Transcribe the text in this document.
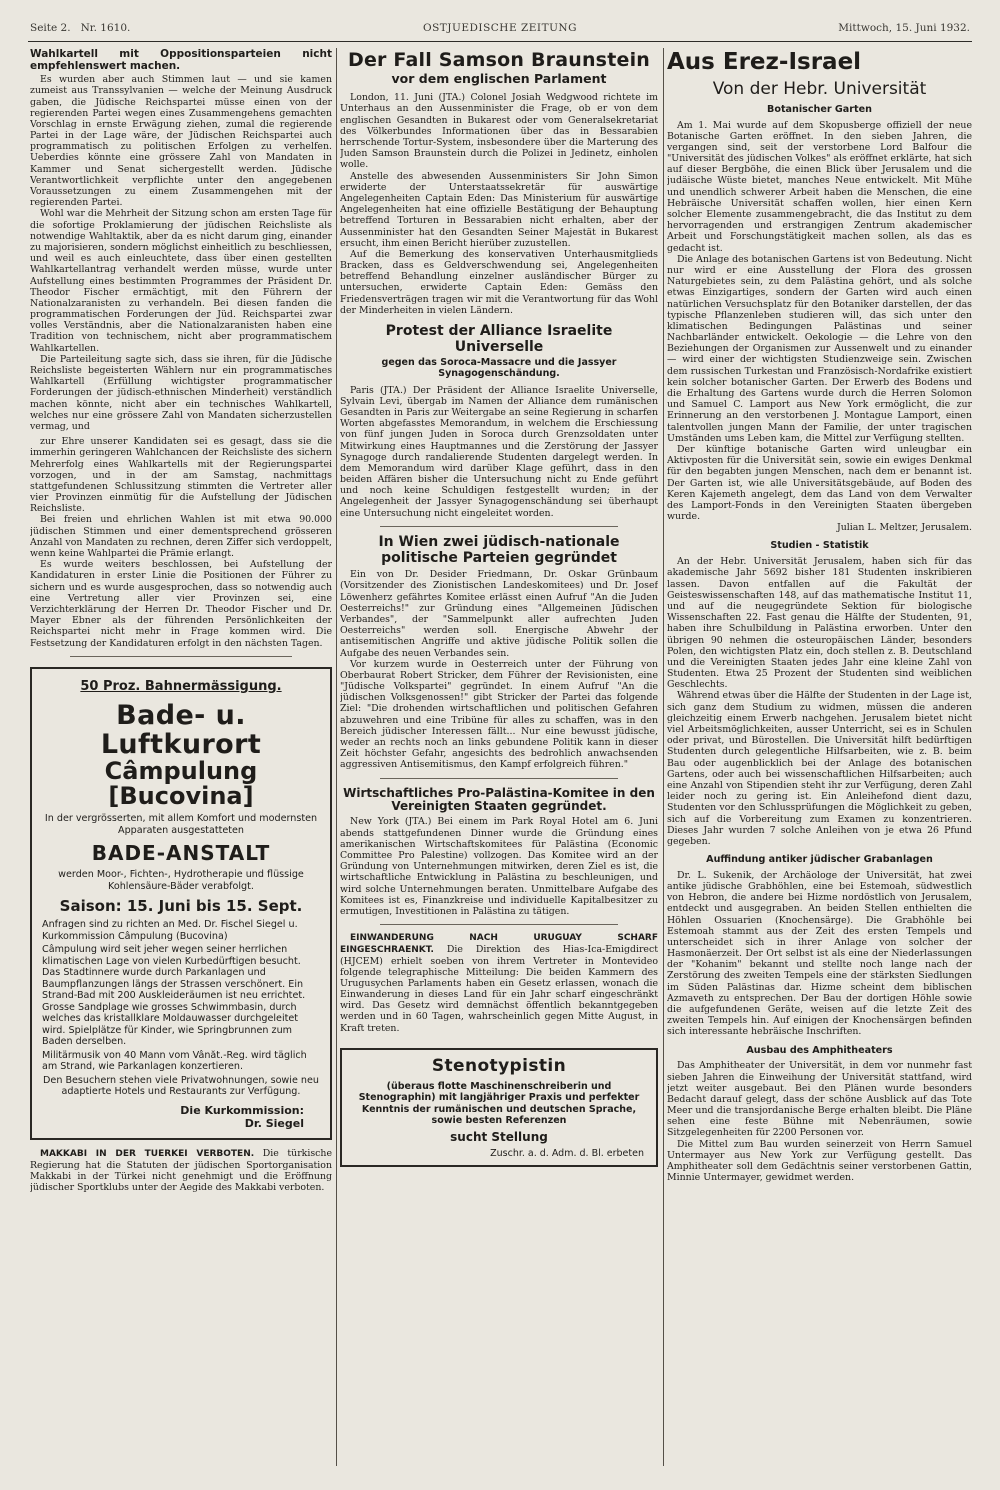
Seite 2. Nr. 1610.	OSTJUEDISCHE ZEITUNG	Mittwoch, 15. Juni 1932.
Wahlkartell mit Oppositionsparteien nicht empfehlenswert machen.

Es wurden aber auch Stimmen laut — und sie kamen zumeist aus Transsylvanien — welche der Meinung Ausdruck gaben, die Jüdische Reichspartei müsse einen von der regierenden Partei wegen eines Zusammengehens gemachten Vorschlag in ernste Erwägung ziehen, zumal die regierende Partei in der Lage wäre, der Jüdischen Reichspartei auch programmatisch zu politischen Erfolgen zu verhelfen. Ueberdies könnte eine grössere Zahl von Mandaten in Kammer und Senat sichergestellt werden. Jüdische Verantwortlichkeit verpflichte unter den angegebenen Voraussetzungen zu einem Zusammengehen mit der regierenden Partei.

Wohl war die Mehrheit der Sitzung schon am ersten Tage für die sofortige Proklamierung der jüdischen Reichsliste als notwendige Wahltaktik, aber da es nicht darum ging, einander zu majorisieren, sondern möglichst einheitlich zu beschliessen, und weil es auch einleuchtete, dass über einen gestellten Wahlkartellantrag verhandelt werden müsse, wurde unter Aufstellung eines bestimmten Programmes der Präsident Dr. Theodor Fischer ermächtigt, mit den Führern der Nationalzaranisten zu verhandeln. Bei diesen fanden die programmatischen Forderungen der Jüd. Reichspartei zwar volles Verständnis, aber die Nationalzaranisten haben eine Tradition von technischem, nicht aber programmatischem Wahlkartellen.

Die Parteileitung sagte sich, dass sie ihren, für die Jüdische Reichsliste begeisterten Wählern nur ein programmatisches Wahlkartell (Erfüllung wichtigster programmatischer Forderungen der jüdisch-ethnischen Minderheit) verständlich machen könnte, nicht aber ein technisches Wahlkartell, welches nur eine grössere Zahl von Mandaten sicherzustellen vermag, und

zur Ehre unserer Kandidaten sei es gesagt, dass sie die immerhin geringeren Wahlchancen der Reichsliste des sichern Mehrerfolg eines Wahlkartells mit der Regierungspartei vorzogen, und in der am Samstag, nachmittags stattgefundenen Schlussitzung stimmten die Vertreter aller vier Provinzen einmütig für die Aufstellung der Jüdischen Reichsliste.

Bei freien und ehrlichen Wahlen ist mit etwa 90.000 jüdischen Stimmen und einer dementsprechend grösseren Anzahl von Mandaten zu rechnen, deren Ziffer sich verdoppelt, wenn keine Wahlpartei die Prämie erlangt.

Es wurde weiters beschlossen, bei Aufstellung der Kandidaturen in erster Linie die Positionen der Führer zu sichern und es wurde ausgesprochen, dass so notwendig auch eine Vertretung aller vier Provinzen sei, eine Verzichterklärung der Herren Dr. Theodor Fischer und Dr. Mayer Ebner als der führenden Persönlichkeiten der Reichspartei nicht mehr in Frage kommen wird. Die Festsetzung der Kandidaturen erfolgt in den nächsten Tagen.

50 Proz. Bahnermässigung.
Bade- u. Luftkurort
Câmpulung [Bucovina]
In der vergrösserten, mit allem Komfort und modernsten Apparaten ausgestatteten
BADE-ANSTALT
werden Moor-, Fichten-, Hydrotherapie und flüssige Kohlensäure-Bäder verabfolgt.
Saison: 15. Juni bis 15. Sept.
Anfragen sind zu richten an Med. Dr. Fischel Siegel u. Kurkommission Câmpulung (Bucovina)
Câmpulung wird seit jeher wegen seiner herrlichen klimatischen Lage von vielen Kurbedürftigen besucht. Das Stadtinnere wurde durch Parkanlagen und Baumpflanzungen längs der Strassen verschönert. Ein Strand-Bad mit 200 Auskleideräumen ist neu errichtet. Grosse Sandplage wie grosses Schwimmbasin, durch welches das kristallklare Moldauwasser durchgeleitet wird. Spielplätze für Kinder, wie Springbrunnen zum Baden derselben.
Militärmusik von 40 Mann vom Vânăt.-Reg. wird täglich am Strand, wie Parkanlagen konzertieren.
Den Besuchern stehen viele Privatwohnungen, sowie neu adaptierte Hotels und Restaurants zur Verfügung.
Die Kurkommission:
Dr. Siegel

MAKKABI IN DER TUERKEI VERBOTEN. Die türkische Regierung hat die Statuten der jüdischen Sportorganisation Makkabi in der Türkei nicht genehmigt und die Eröffnung jüdischer Sportklubs unter der Aegide des Makkabi verboten.

Der Fall Samson Braunstein
vor dem englischen Parlament

London, 11. Juni (JTA.) Colonel Josiah Wedgwood richtete im Unterhaus an den Aussenminister die Frage, ob er von dem englischen Gesandten in Bukarest oder vom Generalsekretariat des Völkerbundes Informationen über das in Bessarabien herrschende Tortur-System, insbesondere über die Marterung des Juden Samson Braunstein durch die Polizei in Jedinetz, einholen wolle.

Anstelle des abwesenden Aussenministers Sir John Simon erwiderte der Unterstaatssekretär für auswärtige Angelegenheiten Captain Eden: Das Ministerium für auswärtige Angelegenheiten hat eine offizielle Bestätigung der Behauptung betreffend Torturen in Bessarabien nicht erhalten, aber der Aussenminister hat den Gesandten Seiner Majestät in Bukarest ersucht, ihm einen Bericht hierüber zuzustellen.

Auf die Bemerkung des konservativen Unterhausmitglieds Bracken, dass es Geldverschwendung sei, Angelegenheiten betreffend Behandlung einzelner ausländischer Bürger zu untersuchen, erwiderte Captain Eden: Gemäss den Friedensverträgen tragen wir mit die Verantwortung für das Wohl der Minderheiten in vielen Ländern.

Protest der Alliance Israelite Universelle
gegen das Soroca-Massacre und die Jassyer Synagogenschändung.

Paris (JTA.) Der Präsident der Alliance Israelite Universelle, Sylvain Levi, übergab im Namen der Alliance dem rumänischen Gesandten in Paris zur Weitergabe an seine Regierung in scharfen Worten abgefasstes Memorandum, in welchem die Erschiessung von fünf jungen Juden in Soroca durch Grenzsoldaten unter Mitwirkung eines Hauptmannes und die Zerstörung der Jassyer Synagoge durch randalierende Studenten dargelegt werden. In dem Memorandum wird darüber Klage geführt, dass in den beiden Affären bisher die Untersuchung nicht zu Ende geführt und noch keine Schuldigen festgestellt wurden; in der Angelegenheit der Jassyer Synagogenschändung sei überhaupt eine Untersuchung nicht eingeleitet worden.

In Wien zwei jüdisch-nationale politische Parteien gegründet

Ein von Dr. Desider Friedmann, Dr. Oskar Grünbaum (Vorsitzender des Zionistischen Landeskomitees) und Dr. Josef Löwenherz gefährtes Komitee erlässt einen Aufruf "An die Juden Oesterreichs!" zur Gründung eines "Allgemeinen Jüdischen Verbandes", der "Sammelpunkt aller aufrechten Juden Oesterreichs" werden soll. Energische Abwehr der antisemitischen Angriffe und aktive jüdische Politik sollen die Aufgabe des neuen Verbandes sein.

Vor kurzem wurde in Oesterreich unter der Führung von Oberbaurat Robert Stricker, dem Führer der Revisionisten, eine "Jüdische Volkspartei" gegründet. In einem Aufruf "An die jüdischen Volksgenossen!" gibt Stricker der Partei das folgende Ziel: "Die drohenden wirtschaftlichen und politischen Gefahren abzuwehren und eine Tribüne für alles zu schaffen, was in den Bereich jüdischer Interessen fällt... Nur eine bewusst jüdische, weder an rechts noch an links gebundene Politik kann in dieser Zeit höchster Gefahr, angesichts des bedrohlich anwachsenden aggressiven Antisemitismus, den Kampf erfolgreich führen."

Wirtschaftliches Pro-Palästina-Komitee in den Vereinigten Staaten gegründet.

New York (JTA.) Bei einem im Park Royal Hotel am 6. Juni abends stattgefundenen Dinner wurde die Gründung eines amerikanischen Wirtschaftskomitees für Palästina (Economic Committee Pro Palestine) vollzogen. Das Komitee wird an der Gründung von Unternehmungen mitwirken, deren Ziel es ist, die wirtschaftliche Entwicklung in Palästina zu beschleunigen, und wird solche Unternehmungen beraten. Unmittelbare Aufgabe des Komitees ist es, Finanzkreise und individuelle Kapitalbesitzer zu ermutigen, Investitionen in Palästina zu tätigen.

EINWANDERUNG NACH URUGUAY SCHARF EINGESCHRAENKT. Die Direktion des Hias-Ica-Emigdirect (HJCEM) erhielt soeben von ihrem Vertreter in Montevideo folgende telegraphische Mitteilung: Die beiden Kammern des Urugusychen Parlaments haben ein Gesetz erlassen, wonach die Einwanderung in dieses Land für ein Jahr scharf eingeschränkt wird. Das Gesetz wird demnächst öffentlich bekanntgegeben werden und in 60 Tagen, wahrscheinlich gegen Mitte August, in Kraft treten.

Stenotypistin
(überaus flotte Maschinenschreiberin und Stenographin) mit langjähriger Praxis und perfekter Kenntnis der rumänischen und deutschen Sprache, sowie besten Referenzen
sucht Stellung
Zuschr. a. d. Adm. d. Bl. erbeten
Aus Erez-Israel
Von der Hebr. Universität
Botanischer Garten

Am 1. Mai wurde auf dem Skopusberge offiziell der neue Botanische Garten eröffnet. In den sieben Jahren, die vergangen sind, seit der verstorbene Lord Balfour die "Universität des jüdischen Volkes" als eröffnet erklärte, hat sich auf dieser Bergböhe, die einen Blick über Jerusalem und die judäische Wüste bietet, manches Neue entwickelt. Mit Mühe und unendlich schwerer Arbeit haben die Menschen, die eine Hebräische Universität schaffen wollen, hier einen Kern solcher Elemente zusammengebracht, die das Institut zu dem hervorragenden und erstrangigen Zentrum akademischer Arbeit und Forschungstätigkeit machen sollen, als das es gedacht ist.

Die Anlage des botanischen Gartens ist von Bedeutung. Nicht nur wird er eine Ausstellung der Flora des grossen Naturgebietes sein, zu dem Palästina gehört, und als solche etwas Einzigartiges, sondern der Garten wird auch einen natürlichen Versuchsplatz für den Botaniker darstellen, der das typische Pflanzenleben studieren will, das sich unter den klimatischen Bedingungen Palästinas und seiner Nachbarländer entwickelt. Oekologie — die Lehre von den Beziehungen der Organismen zur Aussenwelt und zu einander — wird einer der wichtigsten Studienzweige sein. Zwischen dem russischen Turkestan und Französisch-Nordafrike existiert kein solcher botanischer Garten. Der Erwerb des Bodens und die Erhaltung des Gartens wurde durch die Herren Solomon und Samuel C. Lamport aus New York ermöglicht, die zur Erinnerung an den verstorbenen J. Montague Lamport, einen talentvollen jungen Mann der Familie, der unter tragischen Umständen ums Leben kam, die Mittel zur Verfügung stellten.

Der künftige botanische Garten wird unleugbar ein Aktivposten für die Universität sein, sowie ein ewiges Denkmal für den begabten jungen Menschen, nach dem er benannt ist. Der Garten ist, wie alle Universitätsgebäude, auf Boden des Keren Kajemeth angelegt, dem das Land von dem Verwalter des Lamport-Fonds in den Vereinigten Staaten übergeben wurde.

Julian L. Meltzer, Jerusalem.
Studien - Statistik

An der Hebr. Universität Jerusalem, haben sich für das akademische Jahr 5692 bisher 181 Studenten inskribieren lassen. Davon entfallen auf die Fakultät der Geisteswissenschaften 148, auf das mathematische Institut 11, und auf die neugegründete Sektion für biologische Wissenschaften 22. Fast genau die Hälfte der Studenten, 91, haben ihre Schulbildung in Palästina erworben. Unter den übrigen 90 nehmen die osteuropäischen Länder, besonders Polen, den wichtigsten Platz ein, doch stellen z. B. Deutschland und die Vereinigten Staaten jedes Jahr eine kleine Zahl von Studenten. Etwa 25 Prozent der Studenten sind weiblichen Geschlechts.

Während etwas über die Hälfte der Studenten in der Lage ist, sich ganz dem Studium zu widmen, müssen die anderen gleichzeitig einem Erwerb nachgehen. Jerusalem bietet nicht viel Arbeitsmöglichkeiten, ausser Unterricht, sei es in Schulen oder privat, und Bürostellen. Die Universität hilft bedürftigen Studenten durch gelegentliche Hilfsarbeiten, wie z. B. beim Bau oder augenblicklich bei der Anlage des botanischen Gartens, oder auch bei wissenschaftlichen Hilfsarbeiten; auch eine Anzahl von Stipendien steht ihr zur Verfügung, deren Zahl leider noch zu gering ist. Ein Anleihefond dient dazu, Studenten vor den Schlussprüfungen die Möglichkeit zu geben, sich auf die Vorbereitung zum Examen zu konzentrieren. Dieses Jahr wurden 7 solche Anleihen von je etwa 26 Pfund gegeben.

Auffindung antiker jüdischer Grabanlagen

Dr. L. Sukenik, der Archäologe der Universität, hat zwei antike jüdische Grabhöhlen, eine bei Estemoah, südwestlich von Hebron, die andere bei Hizme nordöstlich von Jerusalem, entdeckt und ausgegraben. An beiden Stellen enthielten die Höhlen Ossuarien (Knochensärge). Die Grabhöhle bei Estemoah stammt aus der Zeit des ersten Tempels und unterscheidet sich in ihrer Anlage von solcher der Hasmonäerzeit. Der Ort selbst ist als eine der Niederlassungen der "Kohanim" bekannt und stellte noch lange nach der Zerstörung des zweiten Tempels eine der stärksten Siedlungen im Süden Palästinas dar. Hizme scheint dem biblischen Azmaveth zu entsprechen. Der Bau der dortigen Höhle sowie die aufgefundenen Geräte, weisen auf die letzte Zeit des zweiten Tempels hin. Auf einigen der Knochensärgen befinden sich interessante hebräische Inschriften.

Ausbau des Amphitheaters

Das Amphitheater der Universität, in dem vor nunmehr fast sieben Jahren die Einweihung der Universität stattfand, wird jetzt weiter ausgebaut. Bei den Plänen wurde besonders Bedacht darauf gelegt, dass der schöne Ausblick auf das Tote Meer und die transjordanische Berge erhalten bleibt. Die Pläne sehen eine feste Bühne mit Nebenräumen, sowie Sitzgelegenheiten für 2200 Personen vor.

Die Mittel zum Bau wurden seinerzeit von Herrn Samuel Untermayer aus New York zur Verfügung gestellt. Das Amphitheater soll dem Gedächtnis seiner verstorbenen Gattin, Minnie Untermayer, gewidmet werden.
